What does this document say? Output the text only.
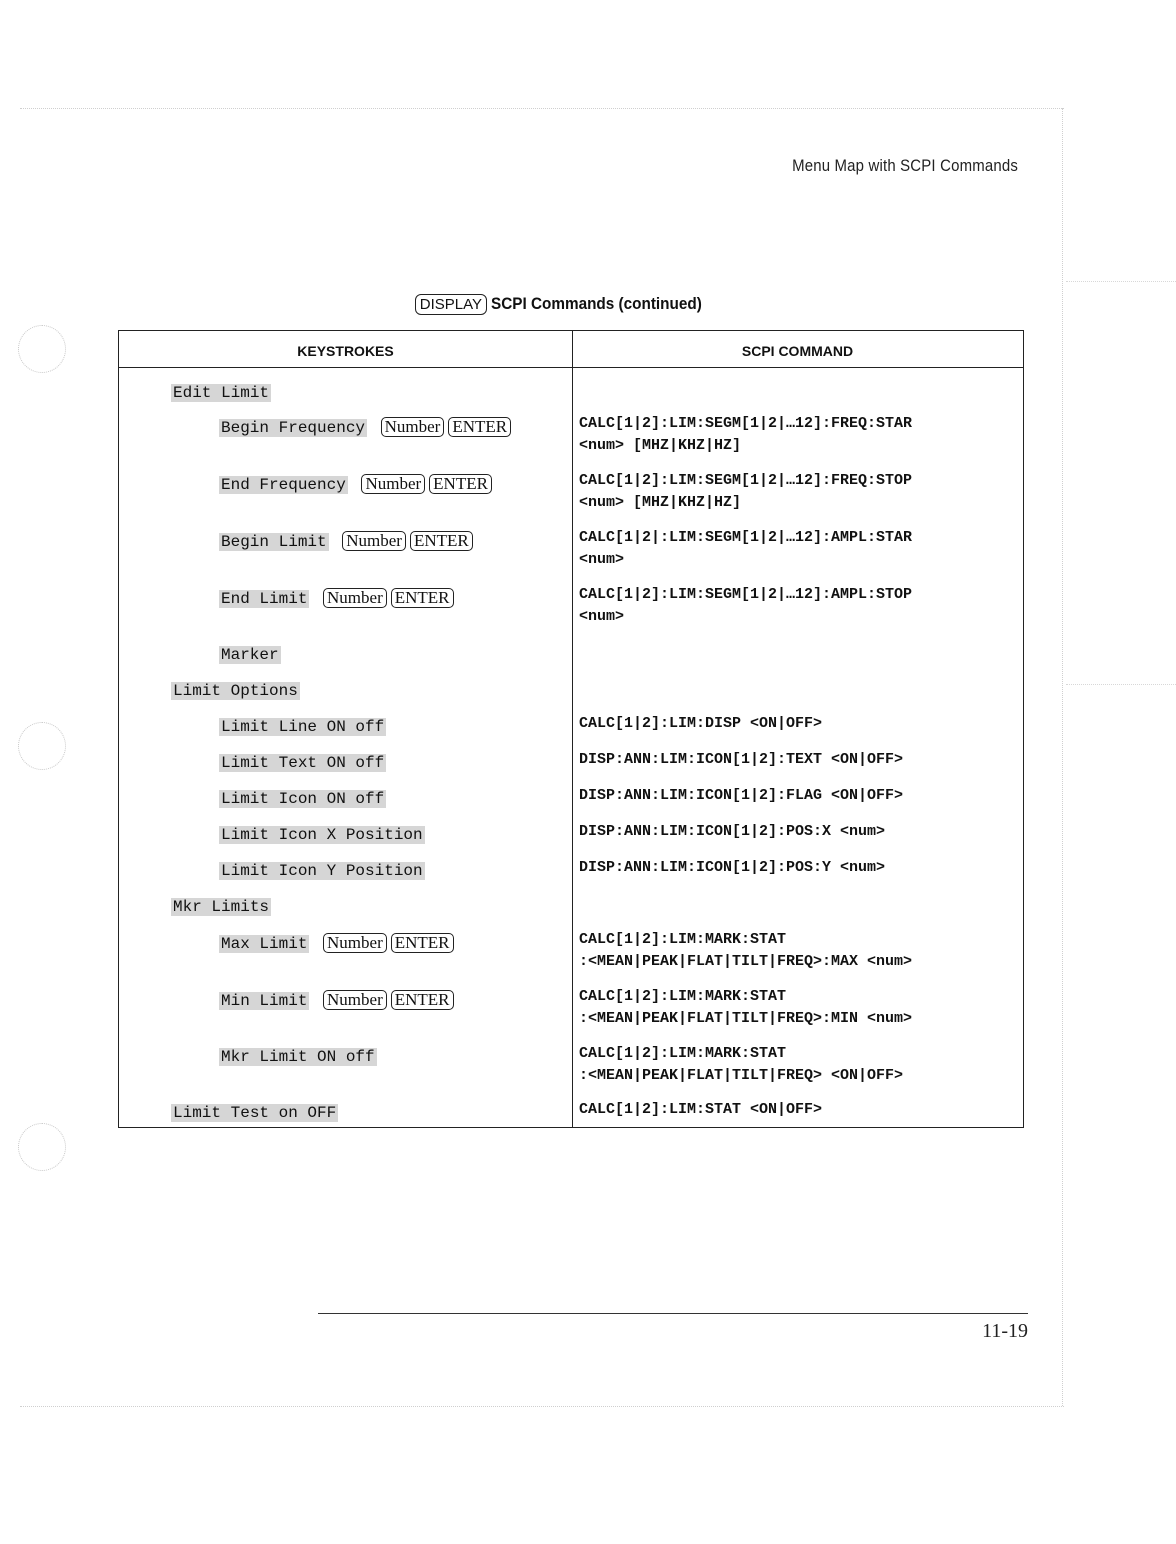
Menu Map with SCPI Commands
DISPLAY SCPI Commands (continued)
KEYSTROKES	SCPI COMMAND
Edit Limit
Begin Frequency Number ENTER	CALC[1|2]:LIM:SEGM[1|2|…12]:FREQ:STAR
<num> [MHZ|KHZ|HZ]
End Frequency Number ENTER	CALC[1|2]:LIM:SEGM[1|2|…12]:FREQ:STOP
<num> [MHZ|KHZ|HZ]
Begin Limit Number ENTER	CALC[1|2|:LIM:SEGM[1|2|…12]:AMPL:STAR
<num>
End Limit Number ENTER	CALC[1|2]:LIM:SEGM[1|2|…12]:AMPL:STOP
<num>
Marker
Limit Options
Limit Line ON off	CALC[1|2]:LIM:DISP <ON|OFF>
Limit Text ON off	DISP:ANN:LIM:ICON[1|2]:TEXT <ON|OFF>
Limit Icon ON off	DISP:ANN:LIM:ICON[1|2]:FLAG <ON|OFF>
Limit Icon X Position	DISP:ANN:LIM:ICON[1|2]:POS:X <num>
Limit Icon Y Position	DISP:ANN:LIM:ICON[1|2]:POS:Y <num>
Mkr Limits
Max Limit Number ENTER	CALC[1|2]:LIM:MARK:STAT
:<MEAN|PEAK|FLAT|TILT|FREQ>:MAX <num>
Min Limit Number ENTER	CALC[1|2]:LIM:MARK:STAT
:<MEAN|PEAK|FLAT|TILT|FREQ>:MIN <num>
Mkr Limit ON off	CALC[1|2]:LIM:MARK:STAT
:<MEAN|PEAK|FLAT|TILT|FREQ> <ON|OFF>
Limit Test on OFF	CALC[1|2]:LIM:STAT <ON|OFF>
11-19
